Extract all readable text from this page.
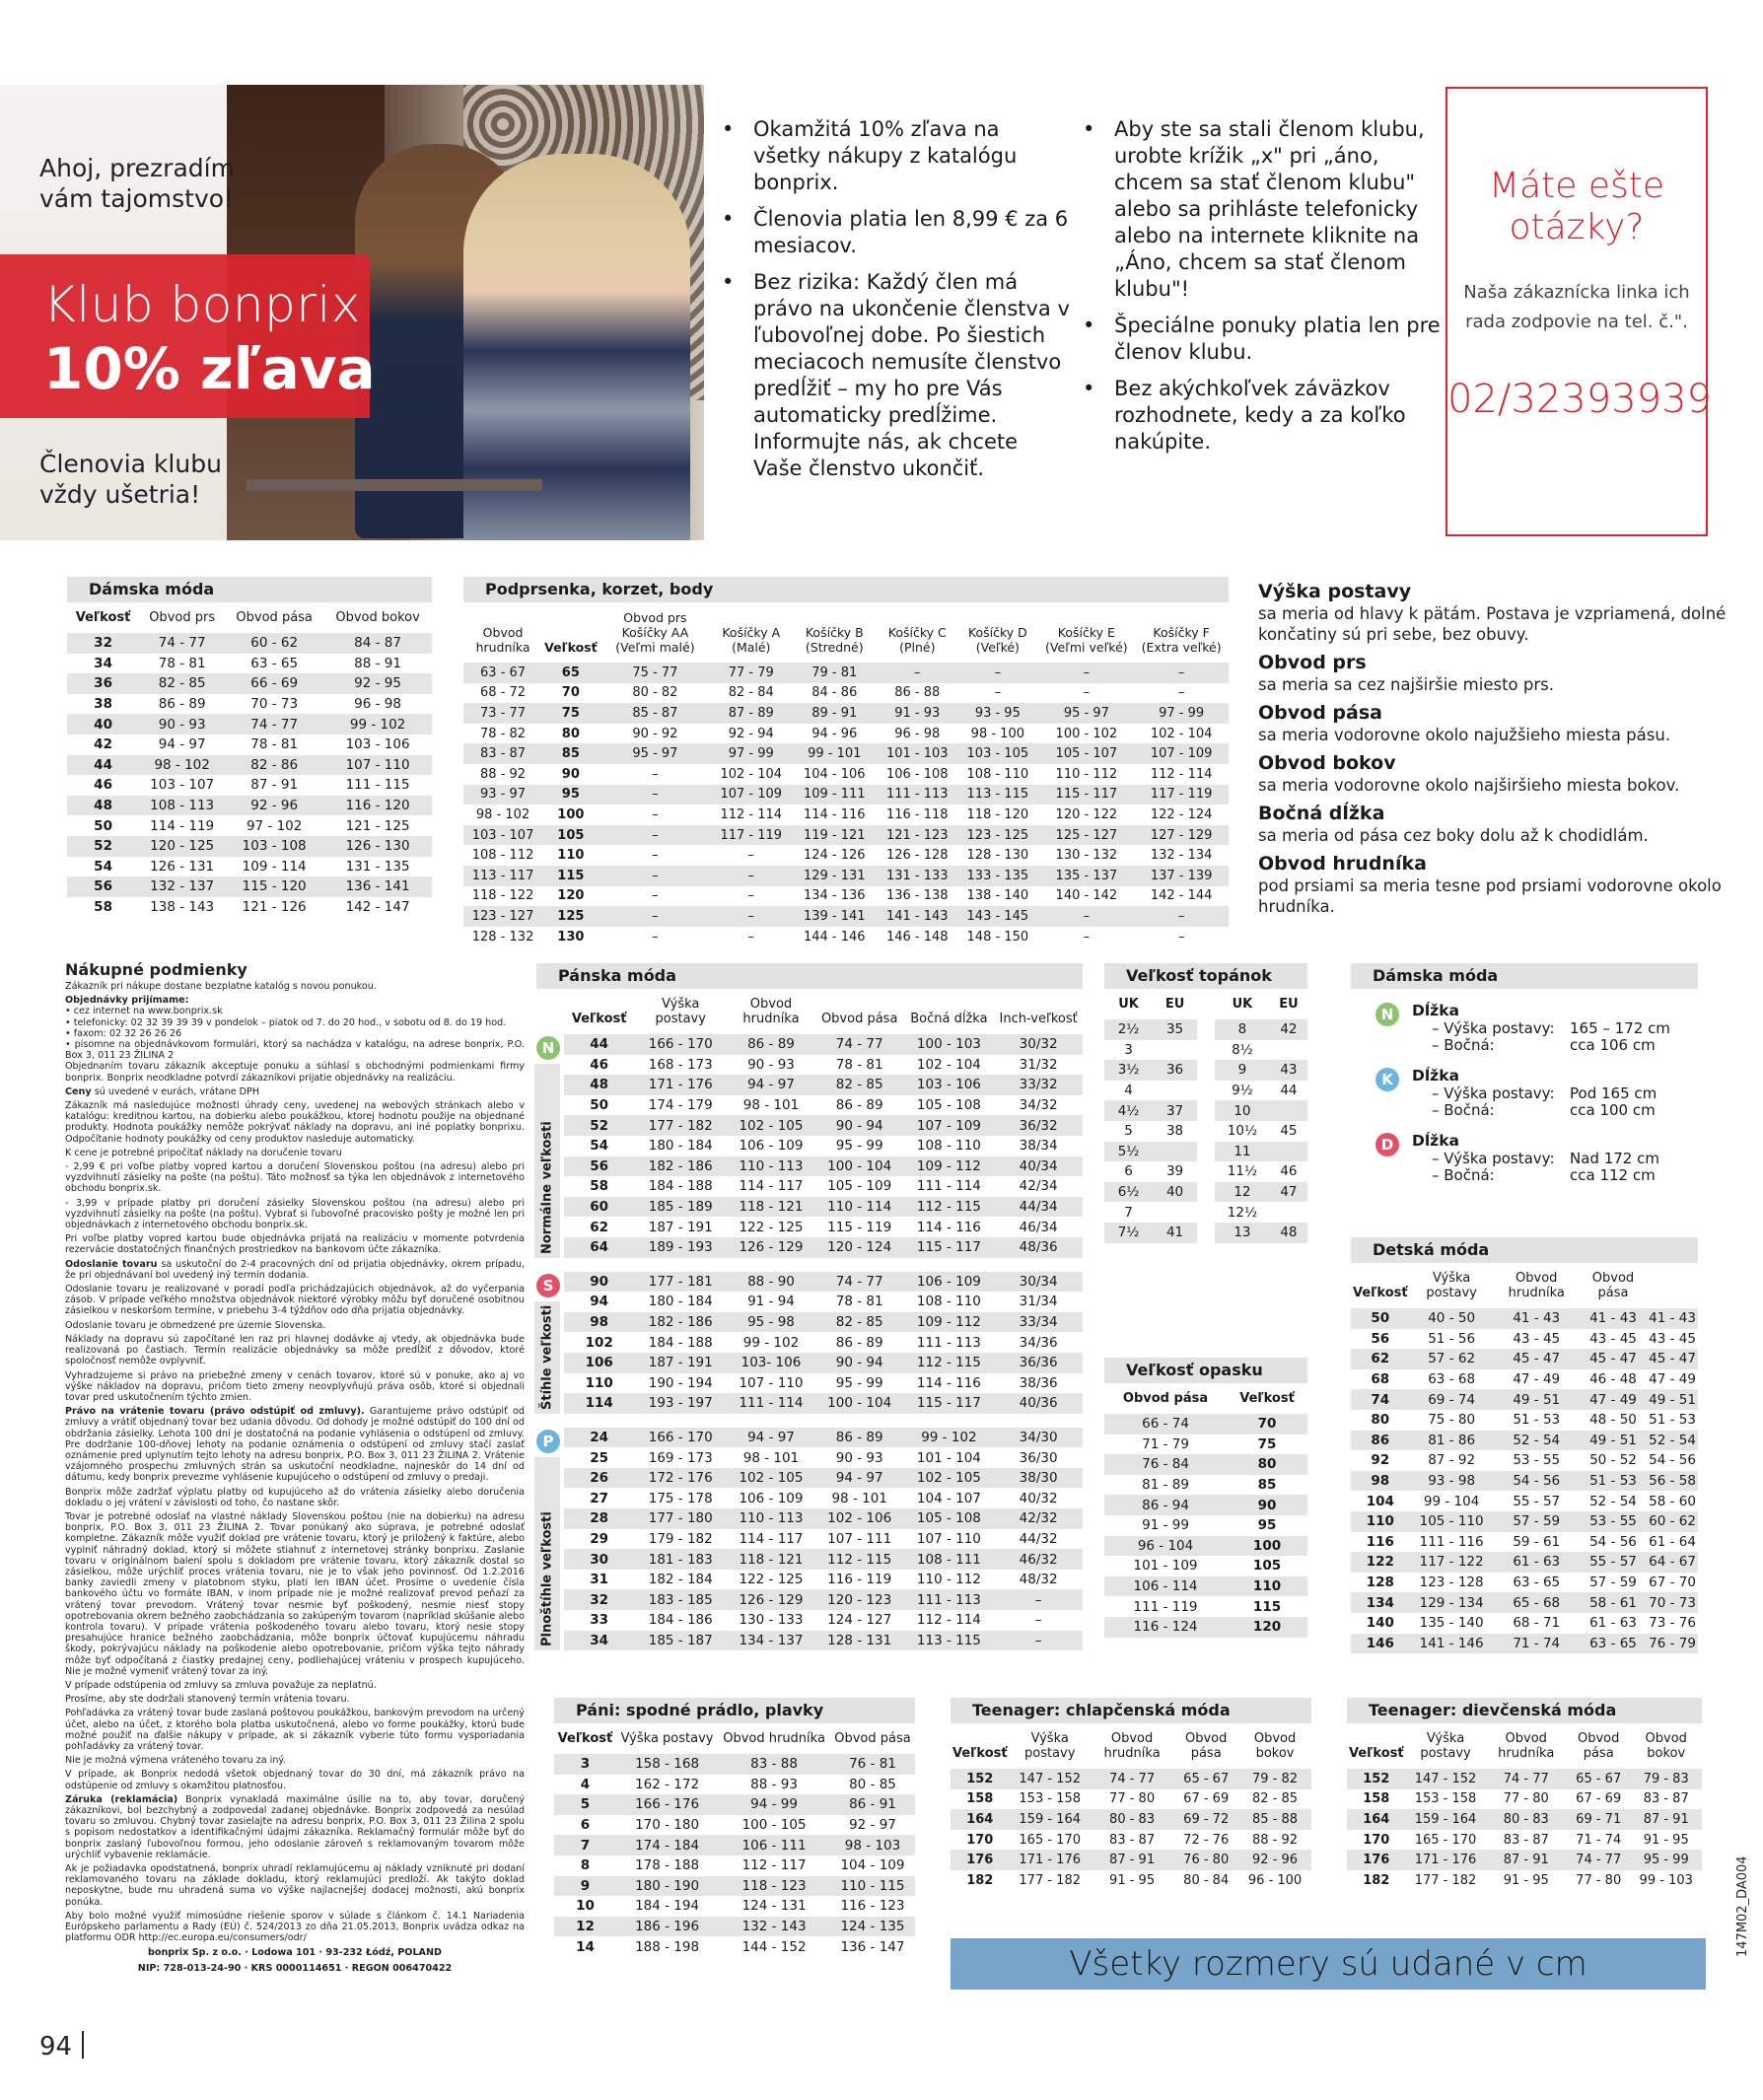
Ahoj, prezradím
vám tajomstvo!
Klub bonprix
10% zľava
Členovia klubu
vždy ušetria!
• Okamžitá 10% zľava na všetky nákupy z katalógu bonprix.
• Členovia platia len 8,99 € za 6 mesiacov.
• Bez rizika: Každý člen má právo na ukončenie členstva v ľubovoľnej dobe. Po šiestich meciacoch nemusíte členstvo predĺžiť – my ho pre Vás automaticky predĺžime. Informujte nás, ak chcete Vaše členstvo ukončiť.
• Aby ste sa stali členom klubu, urobte krížik „x" pri „áno, chcem sa stať členom klubu" alebo sa prihláste telefonicky alebo na internete kliknite na „Áno, chcem sa stať členom klubu"!
• Špeciálne ponuky platia len pre členov klubu.
• Bez akýchkoľvek záväzkov rozhodnete, kedy a za koľko nakúpite.
Máte ešte otázky?
Naša zákaznícka linka ich rada zodpovie na tel. č.".
02/32393939
Dámska móda
Veľkosť	Obvod prs	Obvod pása	Obvod bokov
32	74 - 77	60 - 62	84 - 87
34	78 - 81	63 - 65	88 - 91
36	82 - 85	66 - 69	92 - 95
38	86 - 89	70 - 73	96 - 98
40	90 - 93	74 - 77	99 - 102
42	94 - 97	78 - 81	103 - 106
44	98 - 102	82 - 86	107 - 110
46	103 - 107	87 - 91	111 - 115
48	108 - 113	92 - 96	116 - 120
50	114 - 119	97 - 102	121 - 125
52	120 - 125	103 - 108	126 - 130
54	126 - 131	109 - 114	131 - 135
56	132 - 137	115 - 120	136 - 141
58	138 - 143	121 - 126	142 - 147
Podprsenka, korzet, body
Obvod hrudníka	Veľkosť	Obvod prs Košíčky AA (Veľmi malé)	Košíčky A (Malé)	Košíčky B (Stredné)	Košíčky C (Plné)	Košíčky D (Veľké)	Košíčky E (Veľmi veľké)	Košíčky F (Extra veľké)
63 - 67	65	75 - 77	77 - 79	79 - 81	–	–	–	–
68 - 72	70	80 - 82	82 - 84	84 - 86	86 - 88	–	–	–
73 - 77	75	85 - 87	87 - 89	89 - 91	91 - 93	93 - 95	95 - 97	97 - 99
78 - 82	80	90 - 92	92 - 94	94 - 96	96 - 98	98 - 100	100 - 102	102 - 104
83 - 87	85	95 - 97	97 - 99	99 - 101	101 - 103	103 - 105	105 - 107	107 - 109
88 - 92	90	–	102 - 104	104 - 106	106 - 108	108 - 110	110 - 112	112 - 114
93 - 97	95	–	107 - 109	109 - 111	111 - 113	113 - 115	115 - 117	117 - 119
98 - 102	100	–	112 - 114	114 - 116	116 - 118	118 - 120	120 - 122	122 - 124
103 - 107	105	–	117 - 119	119 - 121	121 - 123	123 - 125	125 - 127	127 - 129
108 - 112	110	–	–	124 - 126	126 - 128	128 - 130	130 - 132	132 - 134
113 - 117	115	–	–	129 - 131	131 - 133	133 - 135	135 - 137	137 - 139
118 - 122	120	–	–	134 - 136	136 - 138	138 - 140	140 - 142	142 - 144
123 - 127	125	–	–	139 - 141	141 - 143	143 - 145	–	–
128 - 132	130	–	–	144 - 146	146 - 148	148 - 150	–	–
Výška postavy
sa meria od hlavy k pätám. Postava je vzpriamená, dolné končatiny sú pri sebe, bez obuvy.
Obvod prs
sa meria sa cez najširšie miesto prs.
Obvod pása
sa meria vodorovne okolo najužšieho miesta pásu.
Obvod bokov
sa meria vodorovne okolo najširšieho miesta bokov.
Bočná dĺžka
sa meria od pása cez boky dolu až k chodidlám.
Obvod hrudníka
pod prsiami sa meria tesne pod prsiami vodorovne okolo hrudníka.
Nákupné podmienky

Zákazník pri nákupe dostane bezplatne katalóg s novou ponukou.

Objednávky prijímame:
• cez internet na www.bonprix.sk
• telefonicky: 02 32 39 39 39 v pondelok – piatok od 7. do 20 hod., v sobotu od 8. do 19 hod.
• faxom: 02 32 26 26 26
• písomne na objednávkovom formulári, ktorý sa nachádza v katalógu, na adrese bonprix, P.O. Box 3, 011 23 ŽILINA 2

Objednaním tovaru zákazník akceptuje ponuku a súhlasí s obchodnými podmienkami firmy bonprix. Bonprix neodkladne potvrdí zákazníkovi prijatie objednávky na realizáciu.

Ceny sú uvedené v eurách, vrátane DPH

Zákazník má nasledujúce možnosti úhrady ceny, uvedenej na webových stránkach alebo v katalógu: kreditnou kartou, na dobierku alebo poukážkou, ktorej hodnotu použije na objednané produkty. Hodnota poukážky nemôže pokrývať náklady na dopravu, ani iné poplatky bonprixu. Odpočítanie hodnoty poukážky od ceny produktov nasleduje automaticky.

K cene je potrebné pripočítať náklady na doručenie tovaru

- 2,99 € pri voľbe platby vopred kartou a doručení Slovenskou poštou (na adresu) alebo pri vyzdvihnutí zásielky na pošte (na poštu). Táto možnosť sa týka len objednávok z internetového obchodu bonprix.sk.

- 3,99 v prípade platby pri doručení zásielky Slovenskou poštou (na adresu) alebo pri vyzdvihnutí zásielky na pošte (na poštu). Vybrať si ľubovoľné pracovisko pošty je možné len pri objednávkach z internetového obchodu bonprix.sk.

Pri voľbe platby vopred kartou bude objednávka prijatá na realizáciu v momente potvrdenia rezervácie dostatočných finančných prostriedkov na bankovom účte zákazníka.

Odoslanie tovaru sa uskutoční do 2-4 pracovných dní od prijatia objednávky, okrem prípadu, že pri objednávaní bol uvedený iný termín dodania.

Odoslanie tovaru je realizované v poradí podľa prichádzajúcich objednávok, až do vyčerpania zásob. V prípade veľkého množstva objednávok niektoré výrobky môžu byť doručené osobitnou zásielkou v neskoršom termíne, v priebehu 3-4 týždňov odo dňa prijatia objednávky.

Odoslanie tovaru je obmedzené pre územie Slovenska.

Náklady na dopravu sú započítané len raz pri hlavnej dodávke aj vtedy, ak objednávka bude realizovaná po častiach. Termín realizácie objednávky sa môže predĺžiť z dôvodov, ktoré spoločnosť nemôže ovplyvniť.

Vyhradzujeme si právo na priebežné zmeny v cenách tovarov, ktoré sú v ponuke, ako aj vo výške nákladov na dopravu, pričom tieto zmeny neovplyvňujú práva osôb, ktoré si objednali tovar pred uskutočnením týchto zmien.

Právo na vrátenie tovaru (právo odstúpiť od zmluvy). Garantujeme právo odstúpiť od zmluvy a vrátiť objednaný tovar bez udania dôvodu. Od dohody je možné odstúpiť do 100 dní od obdržania zásielky. Lehota 100 dní je dostatočná na podanie vyhlásenia o odstúpení od zmluvy. Pre dodržanie 100-dňovej lehoty na podanie oznámenia o odstúpení od zmluvy stačí zaslať oznámenie pred uplynutím tejto lehoty na adresu bonprix, P.O. Box 3, 011 23 ŽILINA 2. Vrátenie vzájomného prospechu zmluvných strán sa uskutoční neodkladne, najneskôr do 14 dní od dátumu, kedy bonprix prevezme vyhlásenie kupujúceho o odstúpení od zmluvy o predaji.

Bonprix môže zadržať výplatu platby od kupujúceho až do vrátenia zásielky alebo doručenia dokladu o jej vrátení v závislosti od toho, čo nastane skôr.

Tovar je potrebné odoslať na vlastné náklady Slovenskou poštou (nie na dobierku) na adresu bonprix, P.O. Box 3, 011 23 ŽILINA 2. Tovar ponúkaný ako súprava, je potrebné odoslať kompletne. Zákazník môže využiť doklad pre vrátenie tovaru, ktorý je priložený k faktúre, alebo vyplniť náhradný doklad, ktorý si môžete stiahnuť z internetovej stránky bonprixu. Zaslanie tovaru v originálnom balení spolu s dokladom pre vrátenie tovaru, ktorý zákazník dostal so zásielkou, môže urýchliť proces vrátenia tovaru, nie je to však jeho povinnosť. Od 1.2.2016 banky zaviedli zmeny v platobnom styku, platí len IBAN účet. Prosíme o uvedenie čísla bankového účtu vo formáte IBAN, v inom prípade nie je možné realizovať prevod peňazí za vrátený tovar prevodom. Vrátený tovar nesmie byť poškodený, nesmie niesť stopy opotrebovania okrem bežného zaobchádzania so zakúpeným tovarom (napríklad skúšanie alebo kontrola tovaru). V prípade vrátenia poškodeného tovaru alebo tovaru, ktorý nesie stopy presahujúce hranice bežného zaobchádzania, môže bonprix účtovať kupujúcemu náhradu škody, pokrývajúcu náklady na poškodenie alebo opotrebovanie, pričom výška tejto náhrady môže byť odpočítaná z čiastky predajnej ceny, podliehajúcej vráteniu v prospech kupujúceho. Nie je možné vymeniť vrátený tovar za iný.

V prípade odstúpenia od zmluvy sa zmluva považuje za neplatnú.

Prosíme, aby ste dodržali stanovený termín vrátenia tovaru.

Pohľadávka za vrátený tovar bude zaslaná poštovou poukážkou, bankovým prevodom na určený účet, alebo na účet, z ktorého bola platba uskutočnená, alebo vo forme poukážky, ktorú bude možné použiť na ďalšie nákupy v prípade, ak si zákazník vyberie túto formu vysporiadania pohľadávky za vrátený tovar.

Nie je možná výmena vráteného tovaru za iný.

V prípade, ak Bonprix nedodá všetok objednaný tovar do 30 dní, má zákazník právo na odstúpenie od zmluvy s okamžitou platnosťou.

Záruka (reklamácia) Bonprix vynakladá maximálne úsilie na to, aby tovar, doručený zákazníkovi, bol bezchybný a zodpovedal zadanej objednávke. Bonprix zodpovedá za nesúlad tovaru so zmluvou. Chybný tovar zasielajte na adresu bonprix, P.O. Box 3, 011 23 Žilina 2 spolu s popisom nedostatkov a identifikačnými údajmi zákazníka. Reklamačný formulár môže byť do bonprix zaslaný ľubovoľnou formou, jeho odoslanie zároveň s reklamovaným tovarom môže urýchliť vybavenie reklamácie.

Ak je požiadavka opodstatnená, bonprix uhradí reklamujúcemu aj náklady vzniknuté pri dodaní reklamovaného tovaru na základe dokladu, ktorý reklamujúci predloží. Ak takýto doklad neposkytne, bude mu uhradená suma vo výške najlacnejšej dodacej možnosti, akú bonprix ponúka.

Aby bolo možné využiť mimosúdne riešenie sporov v súlade s článkom č. 14.1 Nariadenia Európskeho parlamentu a Rady (EÚ) č. 524/2013 zo dňa 21.05.2013, Bonprix uvádza odkaz na platformu ODR http://ec.europa.eu/consumers/odr/

bonprix Sp. z o.o. · Lodowa 101 · 93-232 Łódź, POLAND
NIP: 728-013-24-90 · KRS 0000114651 · REGON 006470422
Pánska móda
Veľkosť	Výška postavy	Obvod hrudníka	Obvod pása	Bočná dĺžka	Inch-veľkosť
Normálne veľkosti
N	44	166 - 170	86 - 89	74 - 77	100 - 103	30/32
46	168 - 173	90 - 93	78 - 81	102 - 104	31/32
48	171 - 176	94 - 97	82 - 85	103 - 106	33/32
50	174 - 179	98 - 101	86 - 89	105 - 108	34/32
52	177 - 182	102 - 105	90 - 94	107 - 109	36/32
54	180 - 184	106 - 109	95 - 99	108 - 110	38/34
56	182 - 186	110 - 113	100 - 104	109 - 112	40/34
58	184 - 188	114 - 117	105 - 109	111 - 114	42/34
60	185 - 189	118 - 121	110 - 114	112 - 115	44/34
62	187 - 191	122 - 125	115 - 119	114 - 116	46/34
64	189 - 193	126 - 129	120 - 124	115 - 117	48/36
Štíhle veľkosti
S	90	177 - 181	88 - 90	74 - 77	106 - 109	30/34
94	180 - 184	91 - 94	78 - 81	108 - 110	31/34
98	182 - 186	95 - 98	82 - 85	109 - 112	33/34
102	184 - 188	99 - 102	86 - 89	111 - 113	34/36
106	187 - 191	103- 106	90 - 94	112 - 115	36/36
110	190 - 194	107 - 110	95 - 99	114 - 116	38/36
114	193 - 197	111 - 114	100 - 104	115 - 117	40/36
Plnoštíhle veľkosti
P	24	166 - 170	94 - 97	86 - 89	99 - 102	34/30
25	169 - 173	98 - 101	90 - 93	101 - 104	36/30
26	172 - 176	102 - 105	94 - 97	102 - 105	38/30
27	175 - 178	106 - 109	98 - 101	104 - 107	40/32
28	177 - 180	110 - 113	102 - 106	105 - 108	42/32
29	179 - 182	114 - 117	107 - 111	107 - 110	44/32
30	181 - 183	118 - 121	112 - 115	108 - 111	46/32
31	182 - 184	122 - 125	116 - 119	110 - 112	48/32
32	183 - 185	126 - 129	120 - 123	111 - 113	–
33	184 - 186	130 - 133	124 - 127	112 - 114	–
34	185 - 187	134 - 137	128 - 131	113 - 115	–
Veľkosť topánok
UK	EU
2½	35
3	
3½	36
4	
4½	37
5	38
5½	
6	39
6½	40
7	
7½	41
UK	EU
8	42
8½	
9	43
9½	44
10	
10½	45
11	
11½	46
12	47
12½	
13	48
Veľkosť opasku
Obvod pása	Veľkosť
66 - 74	70
71 - 79	75
76 - 84	80
81 - 89	85
86 - 94	90
91 - 99	95
96 - 104	100
101 - 109	105
106 - 114	110
111 - 119	115
116 - 124	120
Dámska móda
N	Dĺžka
– Výška postavy:	165 – 172 cm
– Bočná:	cca 106 cm
K	Dĺžka
– Výška postavy:	Pod 165 cm
– Bočná:	cca 100 cm
D	Dĺžka
– Výška postavy:	Nad 172 cm
– Bočná:	cca 112 cm
Detská móda
Veľkosť	Výška postavy	Obvod hrudníka	Obvod pása	
50	40 - 50	41 - 43	41 - 43	41 - 43
56	51 - 56	43 - 45	43 - 45	43 - 45
62	57 - 62	45 - 47	45 - 47	45 - 47
68	63 - 68	47 - 49	46 - 48	47 - 49
74	69 - 74	49 - 51	47 - 49	49 - 51
80	75 - 80	51 - 53	48 - 50	51 - 53
86	81 - 86	52 - 54	49 - 51	52 - 54
92	87 - 92	53 - 55	50 - 52	54 - 56
98	93 - 98	54 - 56	51 - 53	56 - 58
104	99 - 104	55 - 57	52 - 54	58 - 60
110	105 - 110	57 - 59	53 - 55	60 - 62
116	111 - 116	59 - 61	54 - 56	61 - 64
122	117 - 122	61 - 63	55 - 57	64 - 67
128	123 - 128	63 - 65	57 - 59	67 - 70
134	129 - 134	65 - 68	58 - 61	70 - 73
140	135 - 140	68 - 71	61 - 63	73 - 76
146	141 - 146	71 - 74	63 - 65	76 - 79
Páni: spodné prádlo, plavky
Veľkosť	Výška postavy	Obvod hrudníka	Obvod pása
3	158 - 168	83 - 88	76 - 81
4	162 - 172	88 - 93	80 - 85
5	166 - 176	94 - 99	86 - 91
6	170 - 180	100 - 105	92 - 97
7	174 - 184	106 - 111	98 - 103
8	178 - 188	112 - 117	104 - 109
9	180 - 190	118 - 123	110 - 115
10	184 - 194	124 - 131	116 - 123
12	186 - 196	132 - 143	124 - 135
14	188 - 198	144 - 152	136 - 147
Teenager: chlapčenská móda
Veľkosť	Výška postavy	Obvod hrudníka	Obvod pása	Obvod bokov
152	147 - 152	74 - 77	65 - 67	79 - 82
158	153 - 158	77 - 80	67 - 69	82 - 85
164	159 - 164	80 - 83	69 - 72	85 - 88
170	165 - 170	83 - 87	72 - 76	88 - 92
176	171 - 176	87 - 91	76 - 80	92 - 96
182	177 - 182	91 - 95	80 - 84	96 - 100
Teenager: dievčenská móda
Veľkosť	Výška postavy	Obvod hrudníka	Obvod pása	Obvod bokov
152	147 - 152	74 - 77	65 - 67	79 - 83
158	153 - 158	77 - 80	67 - 69	83 - 87
164	159 - 164	80 - 83	69 - 71	87 - 91
170	165 - 170	83 - 87	71 - 74	91 - 95
176	171 - 176	87 - 91	74 - 77	95 - 99
182	177 - 182	91 - 95	77 - 80	99 - 103
Všetky rozmery sú udané v cm
147M02_DA004
94
